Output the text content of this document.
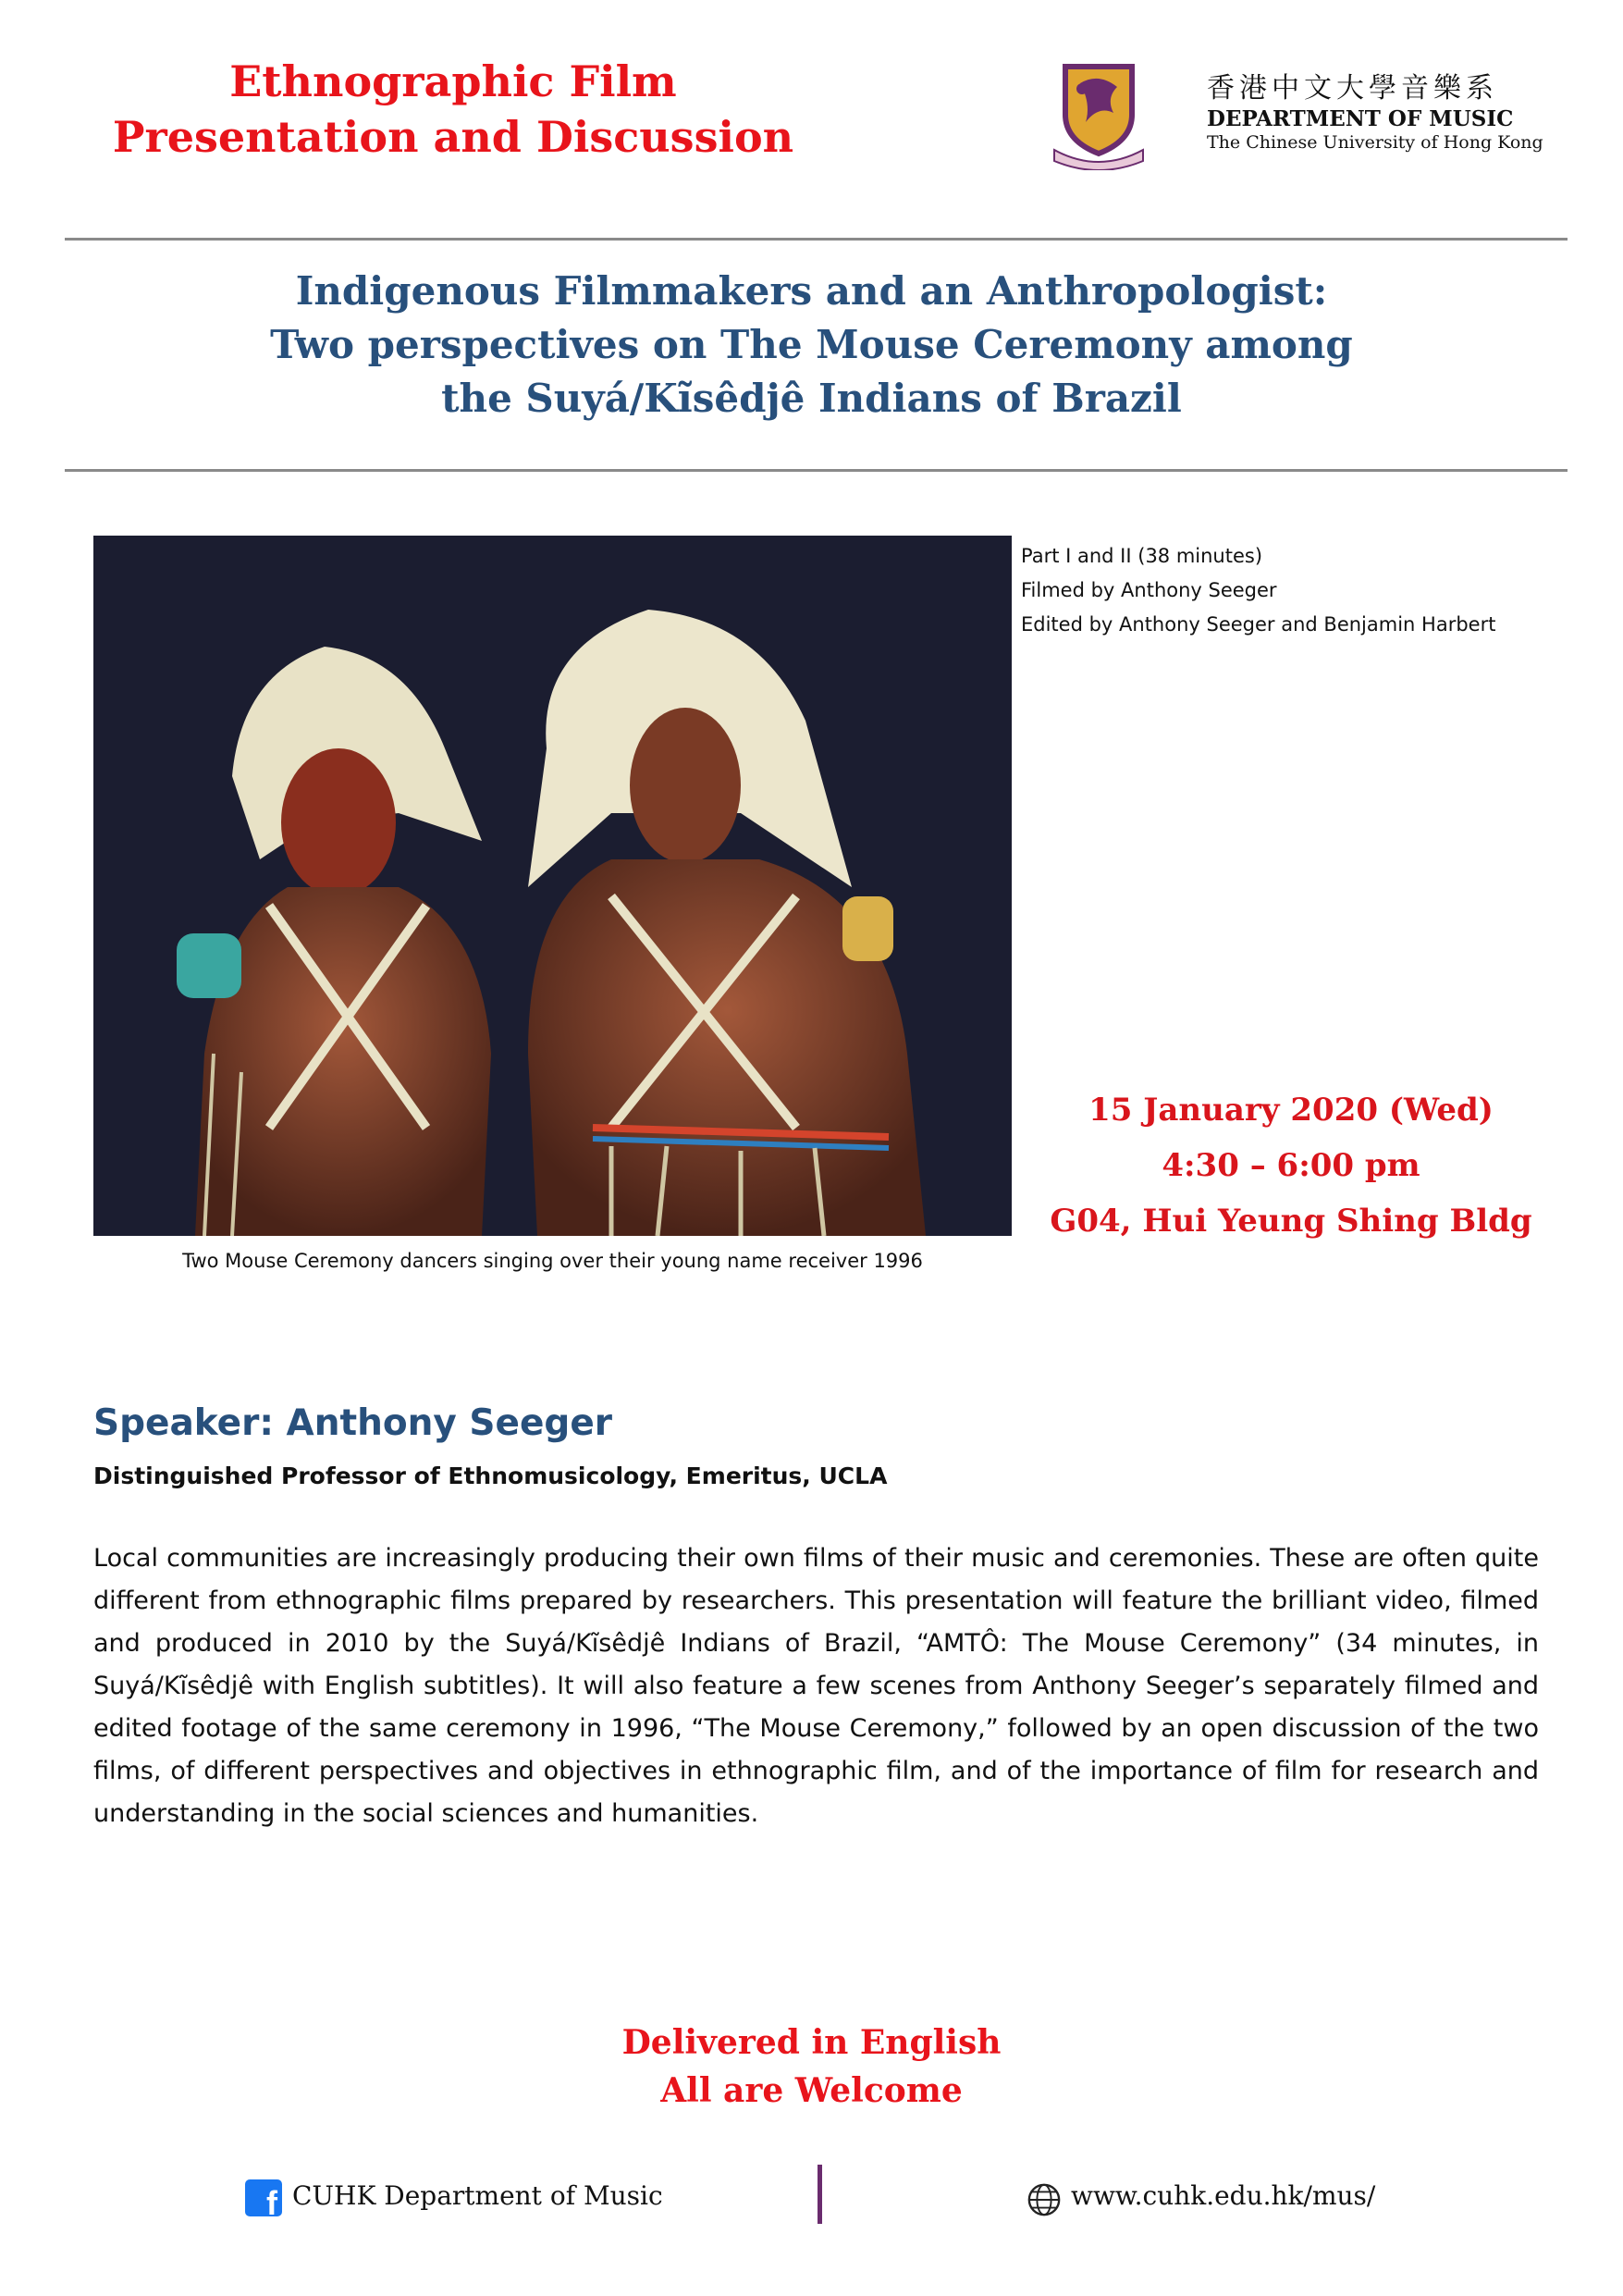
Ethnographic Film
Presentation and Discussion
香港中文大學音樂系
DEPARTMENT OF MUSIC
The Chinese University of Hong Kong
Indigenous Filmmakers and an Anthropologist:
Two perspectives on The Mouse Ceremony among
the Suyá/Kĩsêdjê Indians of Brazil
Two Mouse Ceremony dancers singing over their young name receiver 1996
Part I and II (38 minutes)
Filmed by Anthony Seeger
Edited by Anthony Seeger and Benjamin Harbert
15 January 2020 (Wed)
4:30 – 6:00 pm
G04, Hui Yeung Shing Bldg
Speaker: Anthony Seeger
Distinguished Professor of Ethnomusicology, Emeritus, UCLA
Local communities are increasingly producing their own films of their music and ceremonies. These are often quite different from ethnographic films prepared by researchers. This presentation will feature the brilliant video, filmed and produced in 2010 by the Suyá/Kĩsêdjê Indians of Brazil, “AMTÔ: The Mouse Ceremony” (34 minutes, in Suyá/Kĩsêdjê with English subtitles). It will also feature a few scenes from Anthony Seeger’s separately filmed and edited footage of the same ceremony in 1996, “The Mouse Ceremony,” followed by an open discussion of the two films, of different perspectives and objectives in ethnographic film, and of the importance of film for research and understanding in the social sciences and humanities.
Delivered in English
All are Welcome
f CUHK Department of Music	www.cuhk.edu.hk/mus/
